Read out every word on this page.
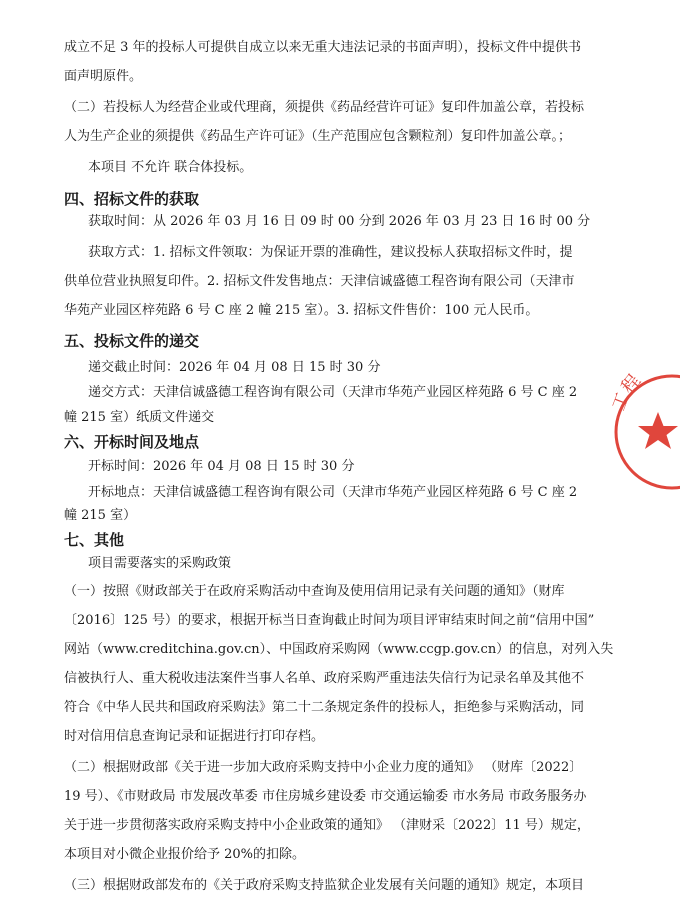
成立不足 3 年的投标人可提供自成立以来无重大违法记录的书面声明），投标文件中提供书
面声明原件。
（二）若投标人为经营企业或代理商，须提供《药品经营许可证》复印件加盖公章，若投标
人为生产企业的须提供《药品生产许可证》（生产范围应包含颗粒剂）复印件加盖公章。；
本项目 不允许 联合体投标。
四、招标文件的获取
获取时间：从 2026 年 03 月 16 日 09 时 00 分到 2026 年 03 月 23 日 16 时 00 分
获取方式：1. 招标文件领取：为保证开票的准确性，建议投标人获取招标文件时，提
供单位营业执照复印件。2. 招标文件发售地点：天津信诚盛德工程咨询有限公司（天津市
华苑产业园区梓苑路 6 号 C 座 2 幢 215 室）。3. 招标文件售价：100 元人民币。
五、投标文件的递交
递交截止时间：2026 年 04 月 08 日 15 时 30 分
递交方式：天津信诚盛德工程咨询有限公司（天津市华苑产业园区梓苑路 6 号 C 座 2
幢 215 室）纸质文件递交
六、开标时间及地点
开标时间：2026 年 04 月 08 日 15 时 30 分
开标地点：天津信诚盛德工程咨询有限公司（天津市华苑产业园区梓苑路 6 号 C 座 2
幢 215 室）
七、其他
项目需要落实的采购政策
（一）按照《财政部关于在政府采购活动中查询及使用信用记录有关问题的通知》（财库
〔2016〕125 号）的要求，根据开标当日查询截止时间为项目评审结束时间之前“信用中国”
网站（www.creditchina.gov.cn）、中国政府采购网（www.ccgp.gov.cn）的信息，对列入失
信被执行人、重大税收违法案件当事人名单、政府采购严重违法失信行为记录名单及其他不
符合《中华人民共和国政府采购法》第二十二条规定条件的投标人，拒绝参与采购活动，同
时对信用信息查询记录和证据进行打印存档。
（二）根据财政部《关于进一步加大政府采购支持中小企业力度的通知》 （财库〔2022〕
19 号）、《市财政局 市发展改革委 市住房城乡建设委 市交通运输委 市水务局 市政务服务办
关于进一步贯彻落实政府采购支持中小企业政策的通知》 （津财采〔2022〕11 号）规定，
本项目对小微企业报价给予 20%的扣除。
（三）根据财政部发布的《关于政府采购支持监狱企业发展有关问题的通知》规定，本项目
工程
